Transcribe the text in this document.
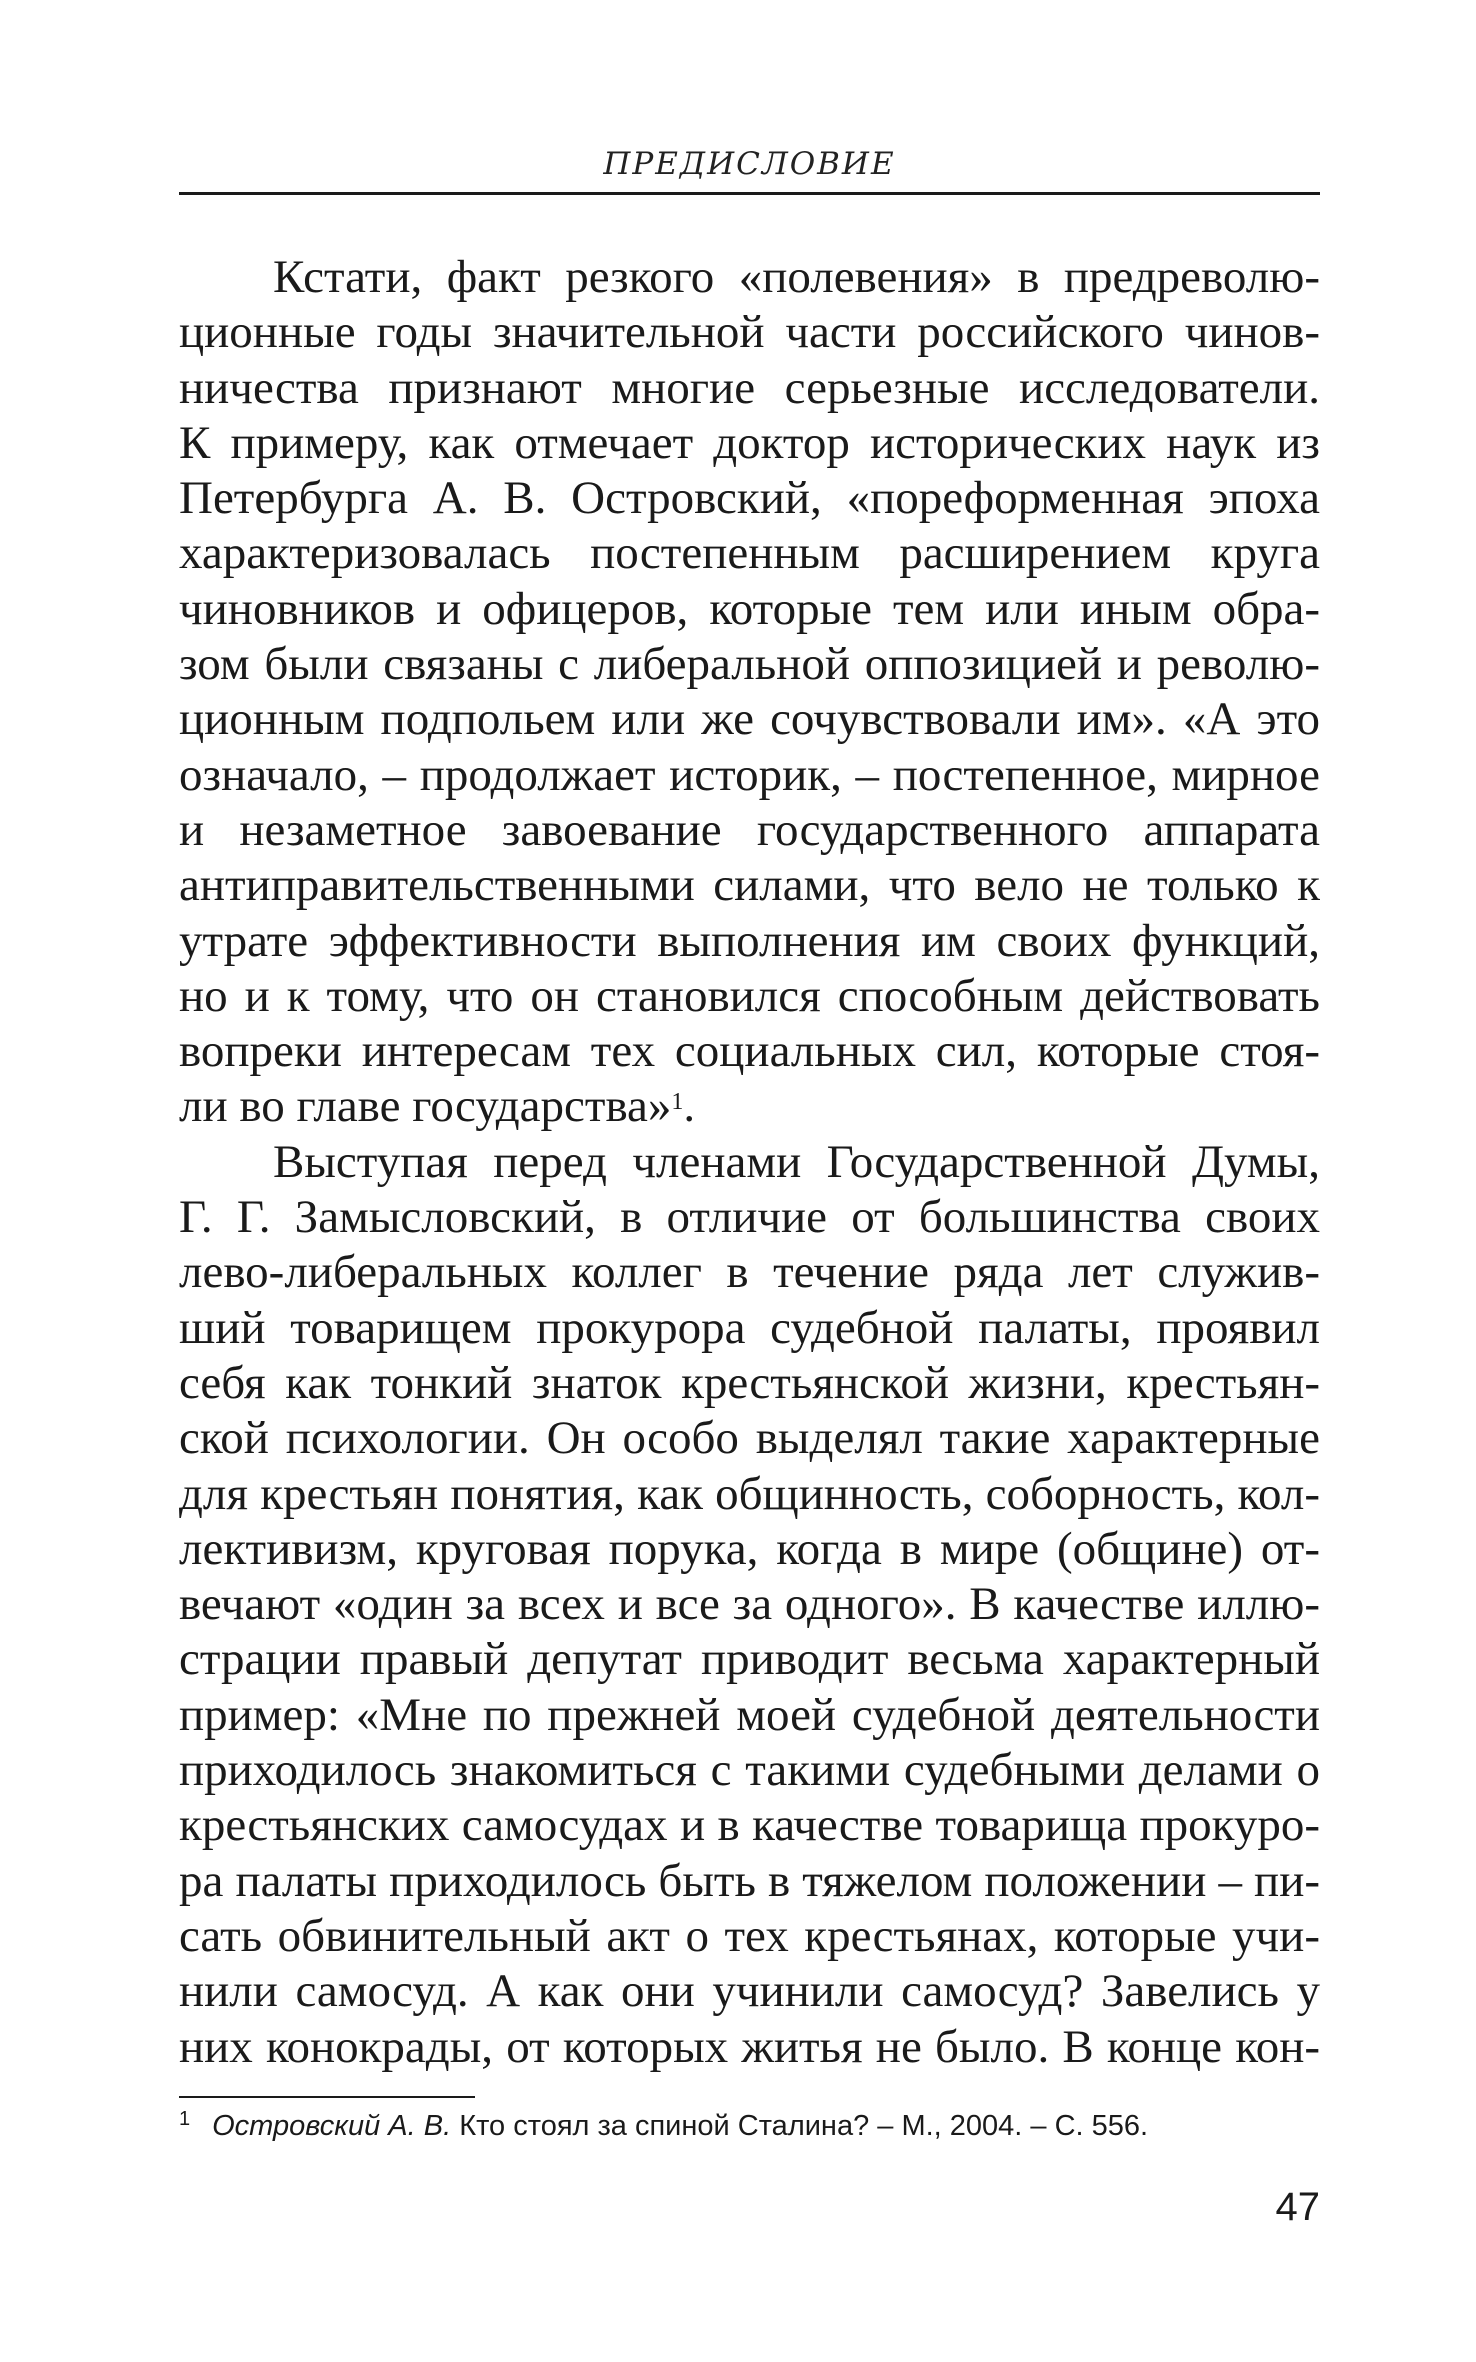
ПРЕДИСЛОВИЕ
Кстати, факт резкого «полевения» в предреволю-
ционные годы значительной части российского чинов-
ничества признают многие серьезные исследователи.
К примеру, как отмечает доктор исторических наук из
Петербурга А. В. Островский, «пореформенная эпоха
характеризовалась постепенным расширением круга
чиновников и офицеров, которые тем или иным обра-
зом были связаны с либеральной оппозицией и револю-
ционным подпольем или же сочувствовали им». «А это
означало, – продолжает историк, – постепенное, мирное
и незаметное завоевание государственного аппарата
антиправительственными силами, что вело не только к
утрате эффективности выполнения им своих функций,
но и к тому, что он становился способным действовать
вопреки интересам тех социальных сил, которые стоя-
ли во главе государства»$^1$.
Выступая перед членами Государственной Думы,
Г. Г. Замысловский, в отличие от большинства своих
лево-либеральных коллег в течение ряда лет служив-
ший товарищем прокурора судебной палаты, проявил
себя как тонкий знаток крестьянской жизни, крестьян-
ской психологии. Он особо выделял такие характерные
для крестьян понятия, как общинность, соборность, кол-
лективизм, круговая порука, когда в мире (общине) от-
вечают «один за всех и все за одного». В качестве иллю-
страции правый депутат приводит весьма характерный
пример: «Мне по прежней моей судебной деятельности
приходилось знакомиться с такими судебными делами о
крестьянских самосудах и в качестве товарища прокуро-
ра палаты приходилось быть в тяжелом положении – пи-
сать обвинительный акт о тех крестьянах, которые учи-
нили самосуд. А как они учинили самосуд? Завелись у
них конокрады, от которых житья не было. В конце кон-
$^1$ Островский А. В. Кто стоял за спиной Сталина? – М., 2004. – С. 556.
47
